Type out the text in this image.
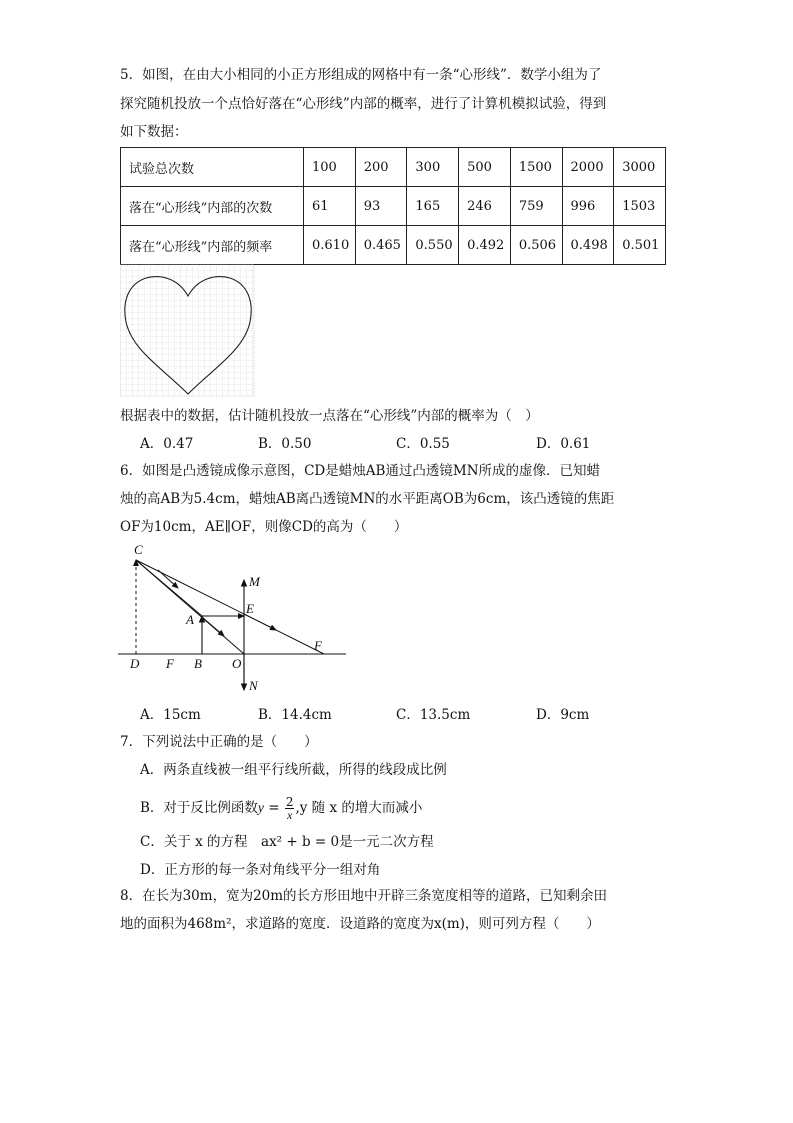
5．如图，在由大小相同的小正方形组成的网格中有一条“心形线”．数学小组为了
探究随机投放一个点恰好落在“心形线”内部的概率，进行了计算机模拟试验，得到
如下数据：
试验总次数	100	200	300	500	1500	2000	3000
落在“心形线”内部的次数	61	93	165	246	759	996	1503
落在“心形线”内部的频率	0.610	0.465	0.550	0.492	0.506	0.498	0.501
根据表中的数据，估计随机投放一点落在“心形线”内部的概率为（　）
A．0.47	B．0.50	C．0.55	D．0.61
6．如图是凸透镜成像示意图，CD是蜡烛AB通过凸透镜MN所成的虚像．已知蜡
烛的高AB为5.4cm，蜡烛AB离凸透镜MN的水平距离OB为6cm，该凸透镜的焦距
OF为10cm，AE∥OF，则像CD的高为（　　）
C
M
E
A
F
D F B O
N
A．15cm	B．14.4cm	C．13.5cm	D．9cm
7．下列说法中正确的是（　　）
A．两条直线被一组平行线所截，所得的线段成比例
B．对于反比例函数$y = \frac{2}{x} ,y$ 随 x 的增大而减小
C．关于 x 的方程　ax² + b = 0是一元二次方程
D．正方形的每一条对角线平分一组对角
8．在长为30m，宽为20m的长方形田地中开辟三条宽度相等的道路，已知剩余田
地的面积为468m²，求道路的宽度．设道路的宽度为x(m)，则可列方程（　　）
